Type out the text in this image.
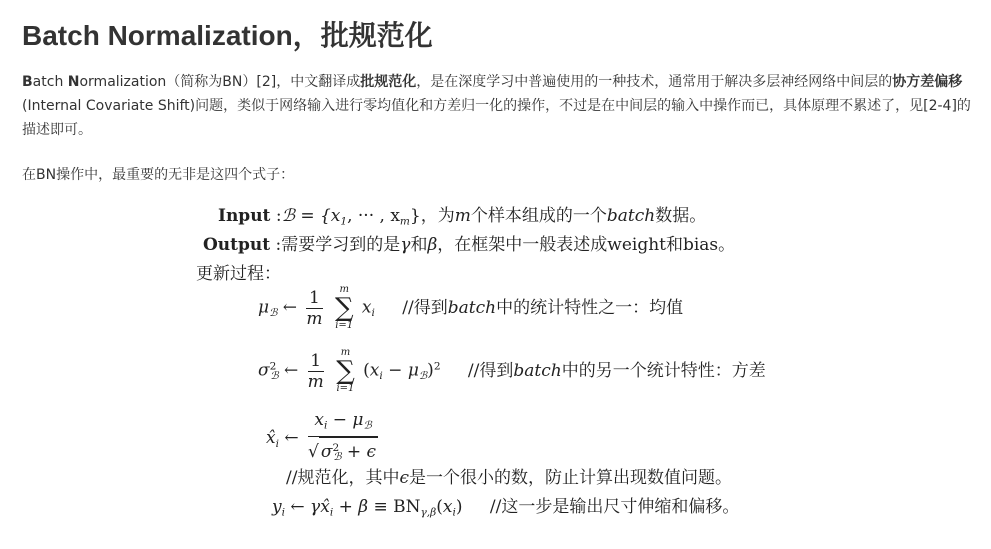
Batch Normalization，批规范化
Batch Normalization（简称为BN）[2]，中文翻译成批规范化，是在深度学习中普遍使用的一种技术，通常用于解决多层神经网络中间层的协方差偏移(Internal Covariate Shift)问题，类似于网络输入进行零均值化和方差归一化的操作，不过是在中间层的输入中操作而已，具体原理不累述了，见[2-4]的描述即可。
在BN操作中，最重要的无非是这四个式子：
Input :ℬ = {$x_1$, ··· , $x_m$}，为m个样本组成的一个batch数据。
Output :需要学习到的是γ和β，在框架中一般表述成weight和bias。
更新过程：
$\mu_ℬ$ ← $\frac{1}{m}$
	m
∑
i=1
$x_i$ //得到batch中的统计特性之一：均值
$\sigma^2_ℬ$ ← $\frac{1}{m}$
	m
∑
i=1
$(x_i - \mu_ℬ)^2$ //得到batch中的另一个统计特性：方差
$x̂_i$ ← $\frac{x_i - \mu_ℬ}{√ \sigma^2_ℬ + \epsilon}$
//规范化，其中ϵ是一个很小的数，防止计算出现数值问题。
$y_i$ ← $\gamma x̂_i + \beta \equiv BN_{\gamma,\beta}(x_i)$ //这一步是输出尺寸伸缩和偏移。
